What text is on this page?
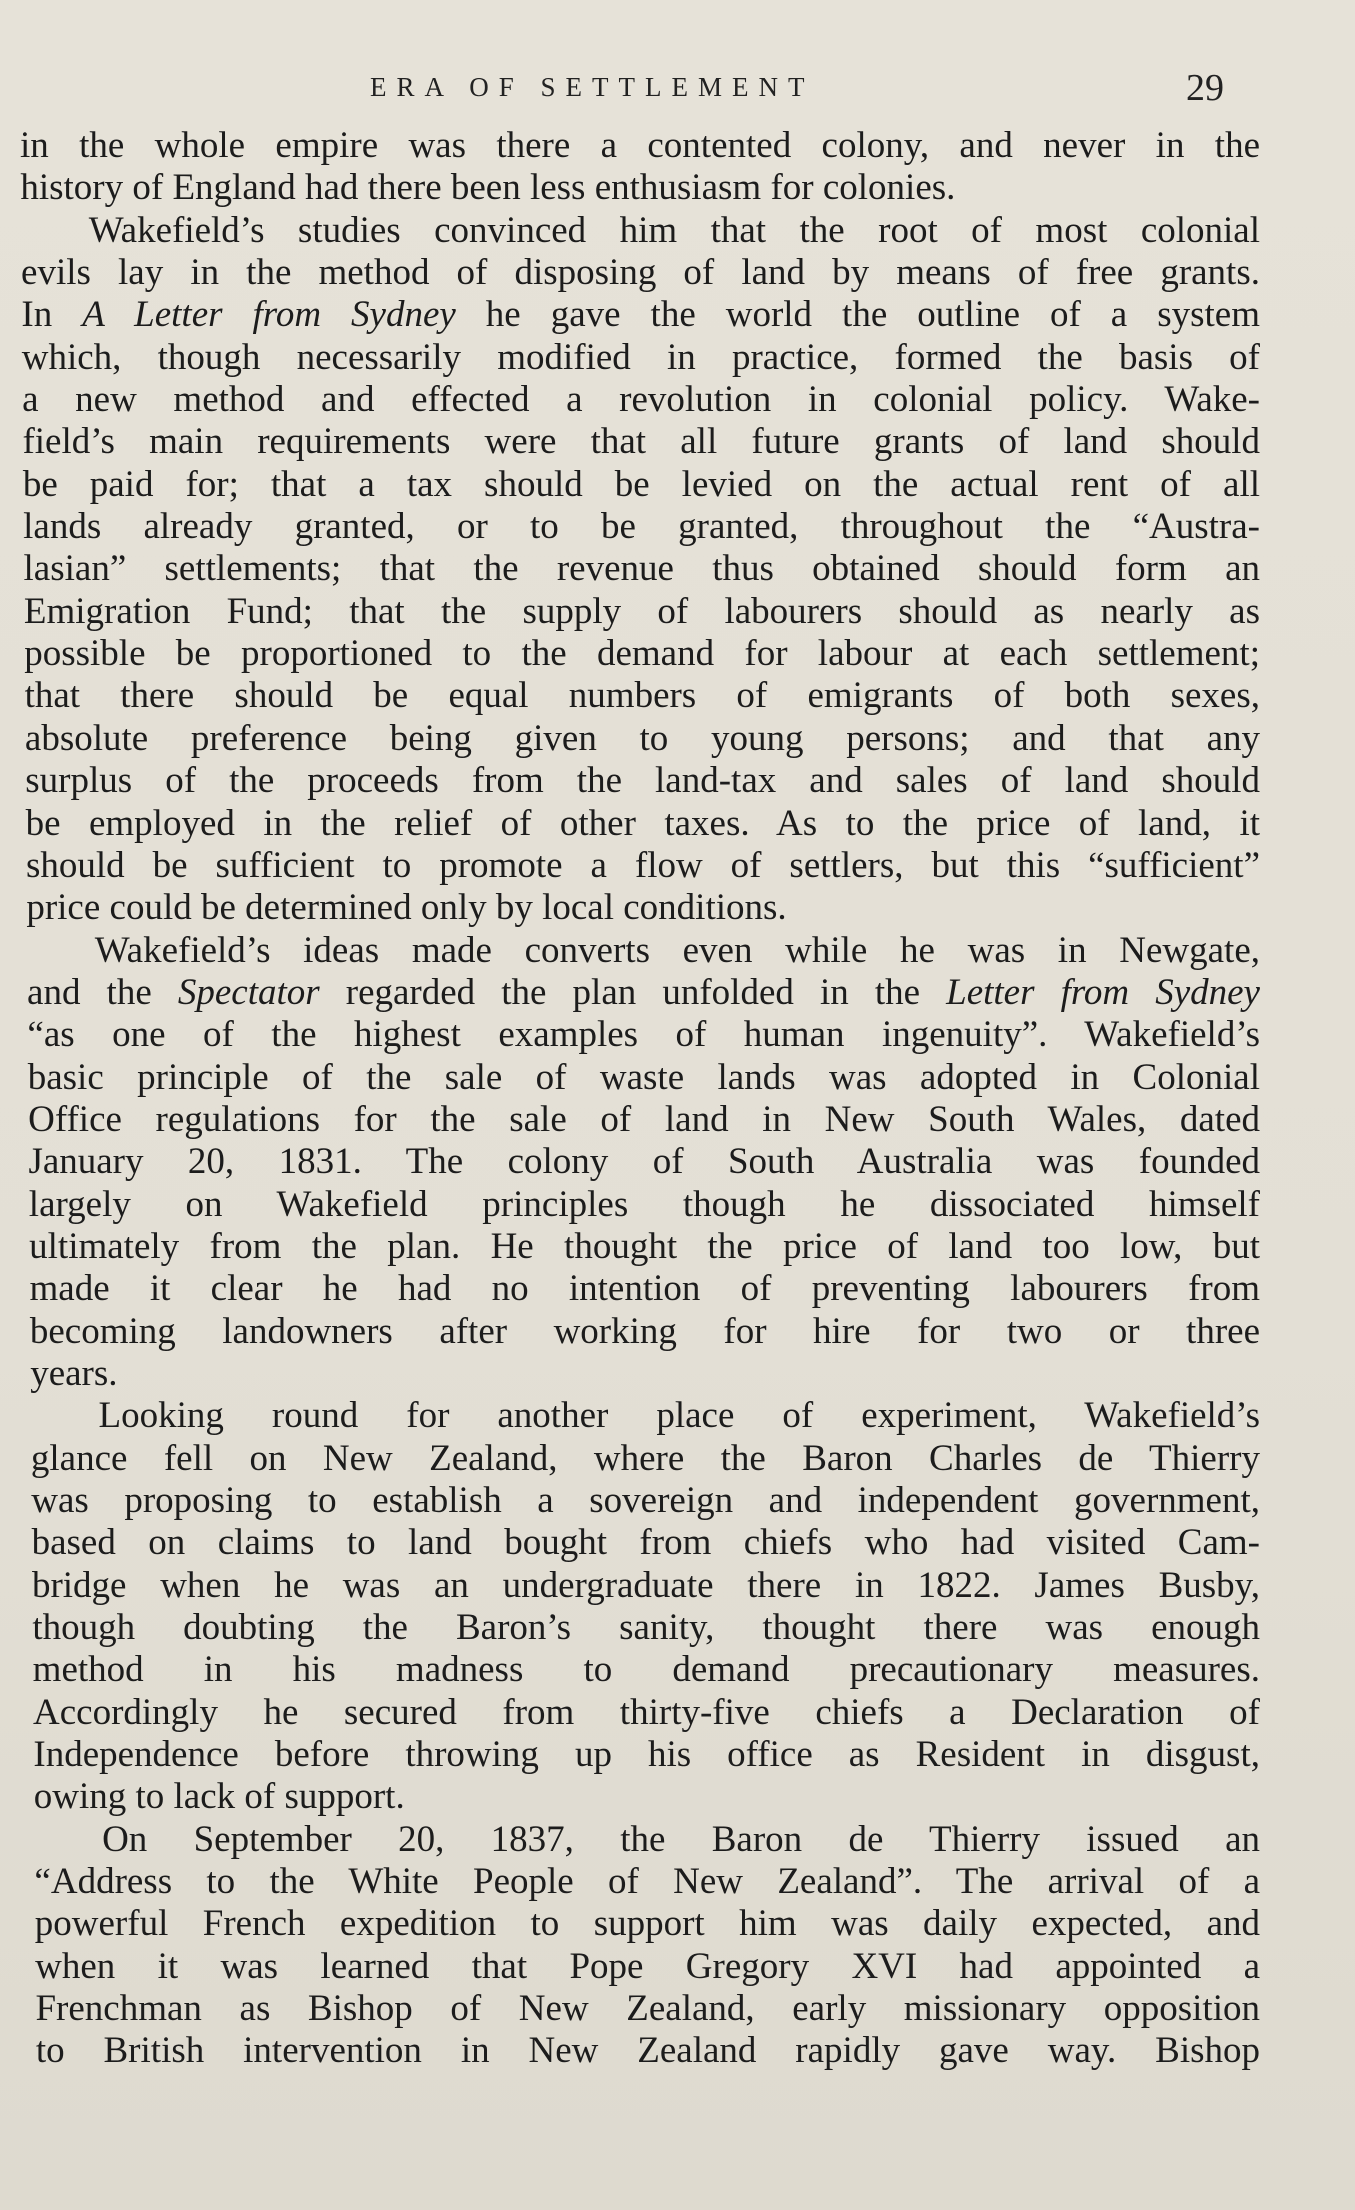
ERA OF SETTLEMENT	29
in the whole empire was there a contented colony, and never in the
history of England had there been less enthusiasm for colonies.
Wakefield’s studies convinced him that the root of most colonial
evils lay in the method of disposing of land by means of free grants.
In A Letter from Sydney he gave the world the outline of a system
which, though necessarily modified in practice, formed the basis of
a new method and effected a revolution in colonial policy. Wake-
field’s main requirements were that all future grants of land should
be paid for; that a tax should be levied on the actual rent of all
lands already granted, or to be granted, throughout the “Austra-
lasian” settlements; that the revenue thus obtained should form an
Emigration Fund; that the supply of labourers should as nearly as
possible be proportioned to the demand for labour at each settlement;
that there should be equal numbers of emigrants of both sexes,
absolute preference being given to young persons; and that any
surplus of the proceeds from the land-tax and sales of land should
be employed in the relief of other taxes. As to the price of land, it
should be sufficient to promote a flow of settlers, but this “sufficient”
price could be determined only by local conditions.
Wakefield’s ideas made converts even while he was in Newgate,
and the Spectator regarded the plan unfolded in the Letter from Sydney
“as one of the highest examples of human ingenuity”. Wakefield’s
basic principle of the sale of waste lands was adopted in Colonial
Office regulations for the sale of land in New South Wales, dated
January 20, 1831. The colony of South Australia was founded
largely on Wakefield principles though he dissociated himself
ultimately from the plan. He thought the price of land too low, but
made it clear he had no intention of preventing labourers from
becoming landowners after working for hire for two or three
years.
Looking round for another place of experiment, Wakefield’s
glance fell on New Zealand, where the Baron Charles de Thierry
was proposing to establish a sovereign and independent government,
based on claims to land bought from chiefs who had visited Cam-
bridge when he was an undergraduate there in 1822. James Busby,
though doubting the Baron’s sanity, thought there was enough
method in his madness to demand precautionary measures.
Accordingly he secured from thirty-five chiefs a Declaration of
Independence before throwing up his office as Resident in disgust,
owing to lack of support.
On September 20, 1837, the Baron de Thierry issued an
“Address to the White People of New Zealand”. The arrival of a
powerful French expedition to support him was daily expected, and
when it was learned that Pope Gregory XVI had appointed a
Frenchman as Bishop of New Zealand, early missionary opposition
to British intervention in New Zealand rapidly gave way. Bishop
